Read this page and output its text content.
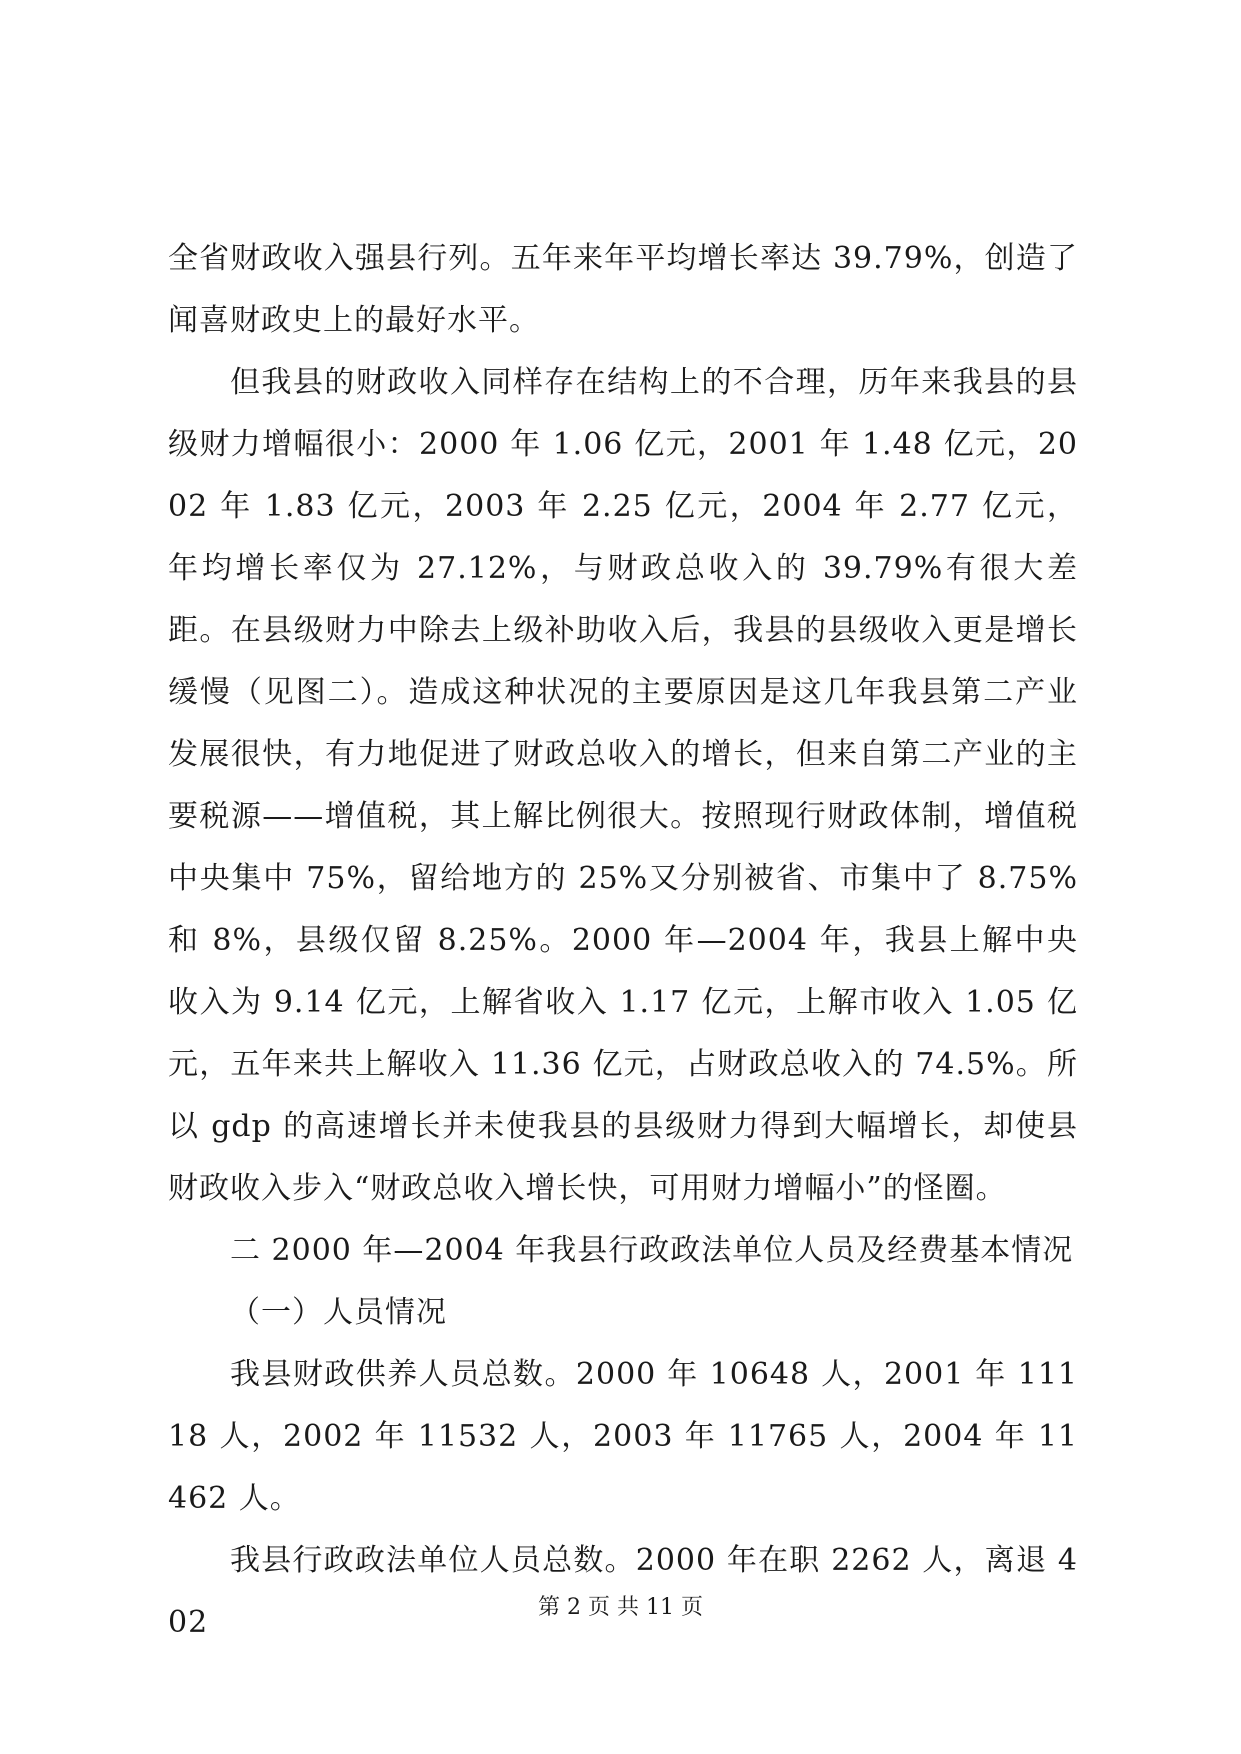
全省财政收入强县行列。五年来年平均增长率达 39.79%，创造了闻喜财政史上的最好水平。

但我县的财政收入同样存在结构上的不合理，历年来我县的县级财力增幅很小：2000 年 1.06 亿元，2001 年 1.48 亿元，2002 年 1.83 亿元，2003 年 2.25 亿元，2004 年 2.77 亿元，年均增长率仅为 27.12%，与财政总收入的 39.79%有很大差距。在县级财力中除去上级补助收入后，我县的县级收入更是增长缓慢（见图二）。造成这种状况的主要原因是这几年我县第二产业发展很快，有力地促进了财政总收入的增长，但来自第二产业的主要税源——增值税，其上解比例很大。按照现行财政体制，增值税中央集中 75%，留给地方的 25%又分别被省、市集中了 8.75%和 8%，县级仅留 8.25%。2000 年—2004 年，我县上解中央收入为 9.14 亿元，上解省收入 1.17 亿元，上解市收入 1.05 亿元，五年来共上解收入 11.36 亿元，占财政总收入的 74.5%。所以 gdp 的高速增长并未使我县的县级财力得到大幅增长，却使县财政收入步入“财政总收入增长快，可用财力增幅小”的怪圈。

二 2000 年—2004 年我县行政政法单位人员及经费基本情况

（一）人员情况

我县财政供养人员总数。2000 年 10648 人，2001 年 11118 人，2002 年 11532 人，2003 年 11765 人，2004 年 11462 人。

我县行政政法单位人员总数。2000 年在职 2262 人，离退 402	第 2 页 共 11 页
